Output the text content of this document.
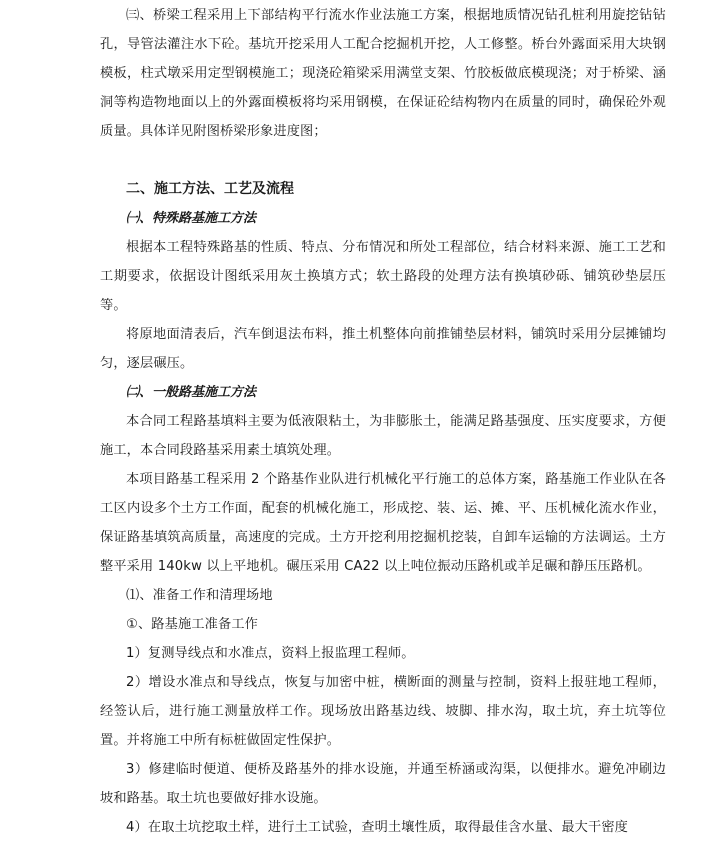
㈢、桥梁工程采用上下部结构平行流水作业法施工方案，根据地质情况钻孔桩利用旋挖钻钻孔，导管法灌注水下砼。基坑开挖采用人工配合挖掘机开挖，人工修整。桥台外露面采用大块钢模板，柱式墩采用定型钢模施工；现浇砼箱梁采用满堂支架、竹胶板做底模现浇；对于桥梁、涵洞等构造物地面以上的外露面模板将均采用钢模，在保证砼结构物内在质量的同时，确保砼外观质量。具体详见附图桥梁形象进度图；

二、施工方法、工艺及流程
㈠、特殊路基施工方法

根据本工程特殊路基的性质、特点、分布情况和所处工程部位，结合材料来源、施工工艺和工期要求，依据设计图纸采用灰土换填方式；软土路段的处理方法有换填砂砾、铺筑砂垫层压等。

将原地面清表后，汽车倒退法布料，推土机整体向前推铺垫层材料，铺筑时采用分层摊铺均匀，逐层碾压。

㈡、一般路基施工方法

本合同工程路基填料主要为低液限粘土，为非膨胀土，能满足路基强度、压实度要求，方便施工，本合同段路基采用素土填筑处理。

本项目路基工程采用 2 个路基作业队进行机械化平行施工的总体方案，路基施工作业队在各工区内设多个土方工作面，配套的机械化施工，形成挖、装、运、摊、平、压机械化流水作业，保证路基填筑高质量，高速度的完成。土方开挖利用挖掘机挖装，自卸车运输的方法调运。土方整平采用 140kw 以上平地机。碾压采用 CA22 以上吨位振动压路机或羊足碾和静压压路机。

⑴、准备工作和清理场地

①、路基施工准备工作

1）复测导线点和水准点，资料上报监理工程师。

2）增设水准点和导线点，恢复与加密中桩，横断面的测量与控制，资料上报驻地工程师，经签认后，进行施工测量放样工作。现场放出路基边线、坡脚、排水沟，取土坑，弃土坑等位置。并将施工中所有标桩做固定性保护。

3）修建临时便道、便桥及路基外的排水设施，并通至桥涵或沟渠，以便排水。避免冲刷边坡和路基。取土坑也要做好排水设施。

4）在取土坑挖取土样，进行土工试验，查明土壤性质，取得最佳含水量、最大干密度
